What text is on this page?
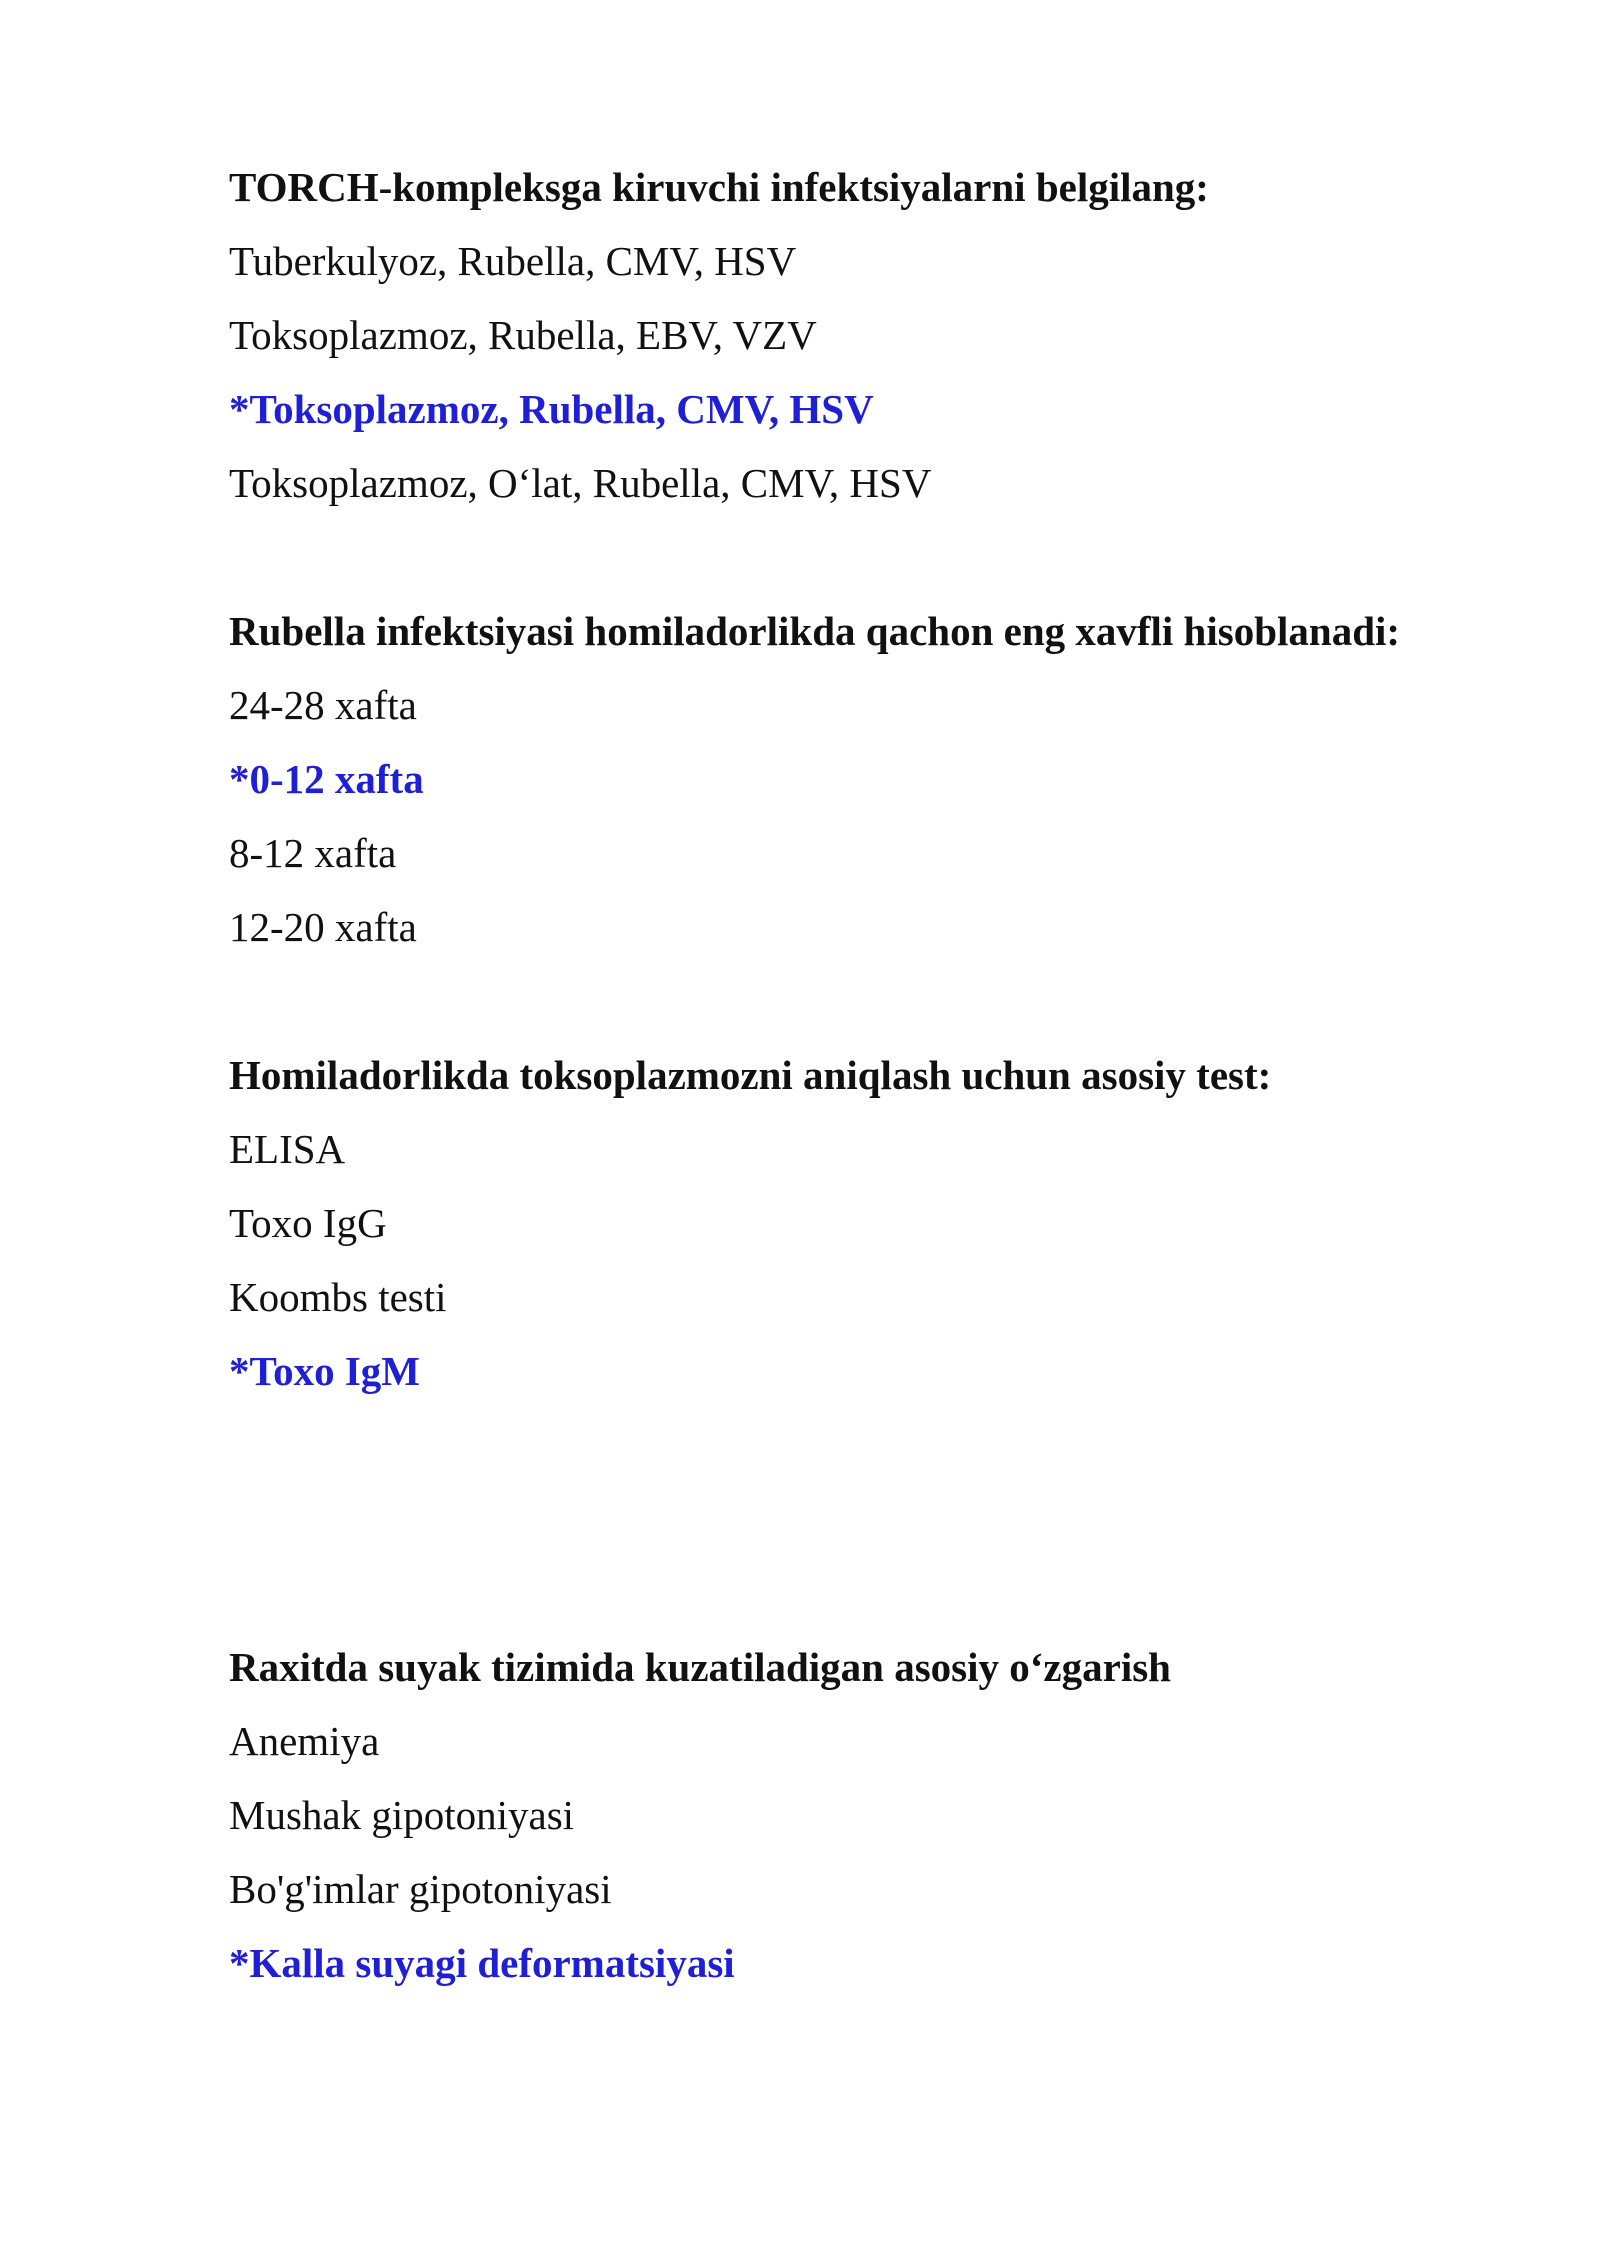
TORCH-kompleksga kiruvchi infektsiyalarni belgilang:
Tuberkulyoz, Rubella, CMV, HSV
Toksoplazmoz, Rubella, EBV, VZV
*Toksoplazmoz, Rubella, CMV, HSV
Toksoplazmoz, O‘lat, Rubella, CMV, HSV
Rubella infektsiyasi homiladorlikda qachon eng xavfli hisoblanadi:
24-28 xafta
*0-12 xafta
8-12 xafta
12-20 xafta
Homiladorlikda toksoplazmozni aniqlash uchun asosiy test:
ELISA
Toxo IgG
Koombs testi
*Toxo IgM
Raxitda suyak tizimida kuzatiladigan asosiy o‘zgarish
Anemiya
Mushak gipotoniyasi
Bo'g'imlar gipotoniyasi
*Kalla suyagi deformatsiyasi
